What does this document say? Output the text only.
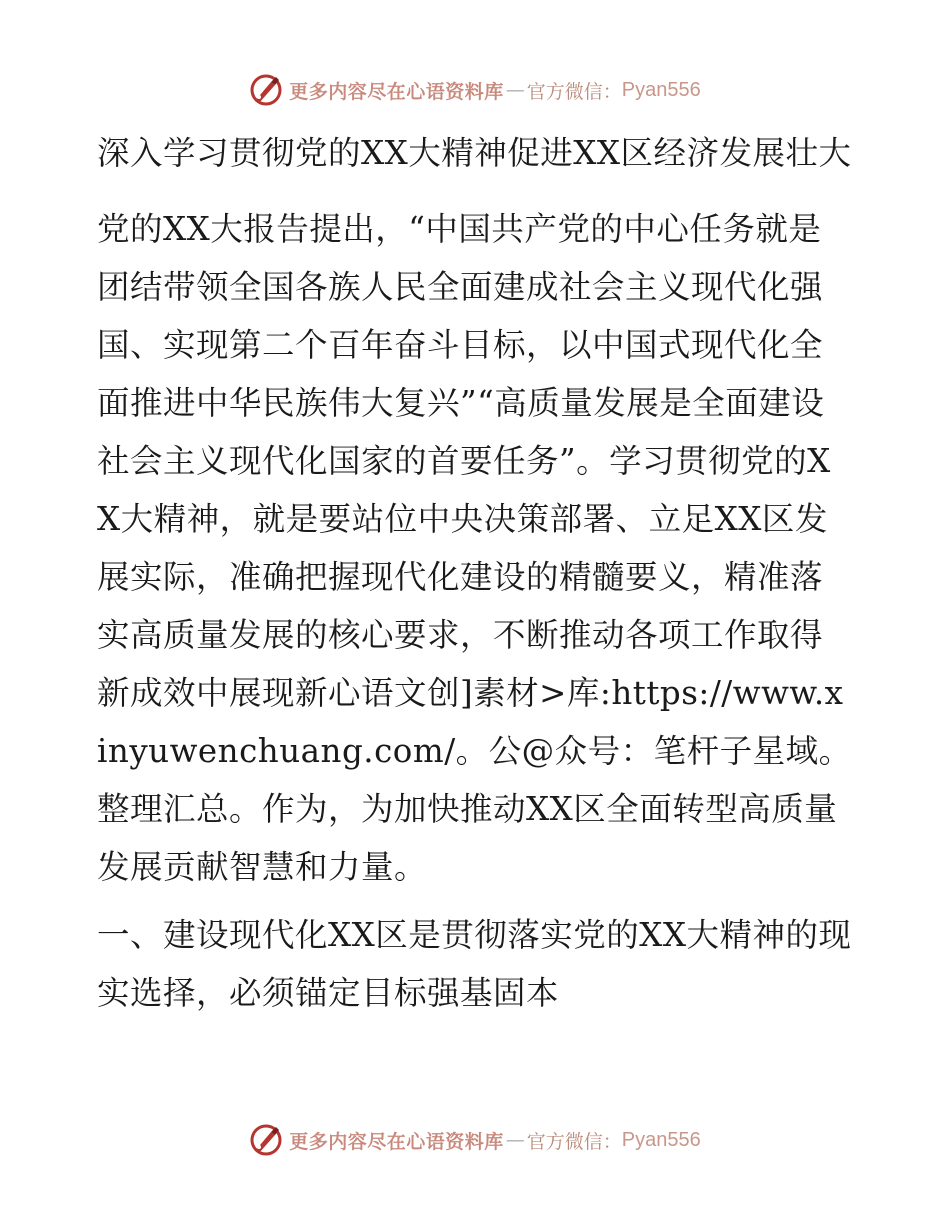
更多内容尽在心语资料库 — 官方微信： Pyan556

深入学习贯彻党的XX大精神促进XX区经济发展壮大

党的XX大报告提出，“中国共产党的中心任务就是团结带领全国各族人民全面建成社会主义现代化强国、实现第二个百年奋斗目标，以中国式现代化全面推进中华民族伟大复兴”“高质量发展是全面建设社会主义现代化国家的首要任务”。学习贯彻党的XX大精神，就是要站位中央决策部署、立足XX区发展实际，准确把握现代化建设的精髓要义，精准落实高质量发展的核心要求，不断推动各项工作取得新成效中展现新心语文创]素材>库:https://www.xinyuwenchuang.com/。公@众号：笔杆子星域。整理汇总。作为，为加快推动XX区全面转型高质量发展贡献智慧和力量。

一、建设现代化XX区是贯彻落实党的XX大精神的现实选择，必须锚定目标强基固本

更多内容尽在心语资料库 — 官方微信： Pyan556
